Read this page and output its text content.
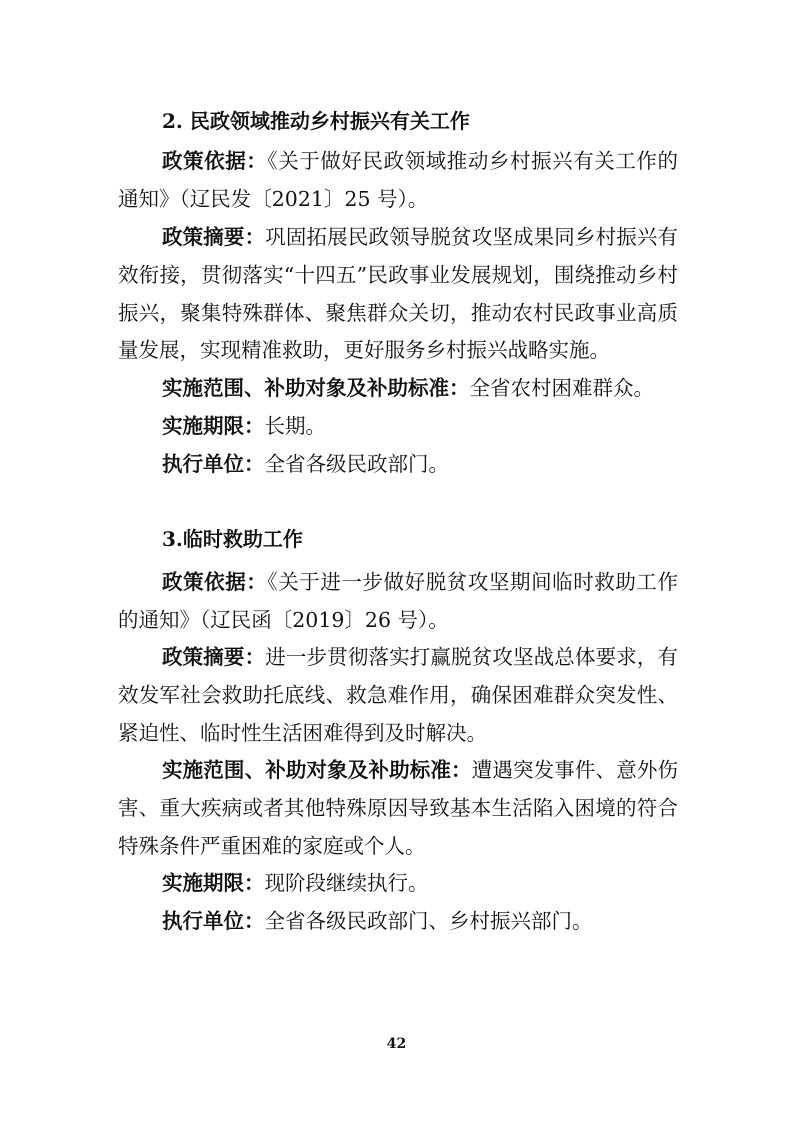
2. 民政领域推动乡村振兴有关工作

政策依据：《关于做好民政领域推动乡村振兴有关工作的通知》（辽民发〔2021〕25 号）。

政策摘要：巩固拓展民政领导脱贫攻坚成果同乡村振兴有效衔接，贯彻落实“十四五”民政事业发展规划，围绕推动乡村振兴，聚集特殊群体、聚焦群众关切，推动农村民政事业高质量发展，实现精准救助，更好服务乡村振兴战略实施。

实施范围、补助对象及补助标准：全省农村困难群众。

实施期限：长期。

执行单位：全省各级民政部门。

3.临时救助工作

政策依据：《关于进一步做好脱贫攻坚期间临时救助工作的通知》（辽民函〔2019〕26 号）。

政策摘要：进一步贯彻落实打赢脱贫攻坚战总体要求，有效发军社会救助托底线、救急难作用，确保困难群众突发性、紧迫性、临时性生活困难得到及时解决。

实施范围、补助对象及补助标准：遭遇突发事件、意外伤害、重大疾病或者其他特殊原因导致基本生活陷入困境的符合特殊条件严重困难的家庭或个人。

实施期限：现阶段继续执行。

执行单位：全省各级民政部门、乡村振兴部门。

42
